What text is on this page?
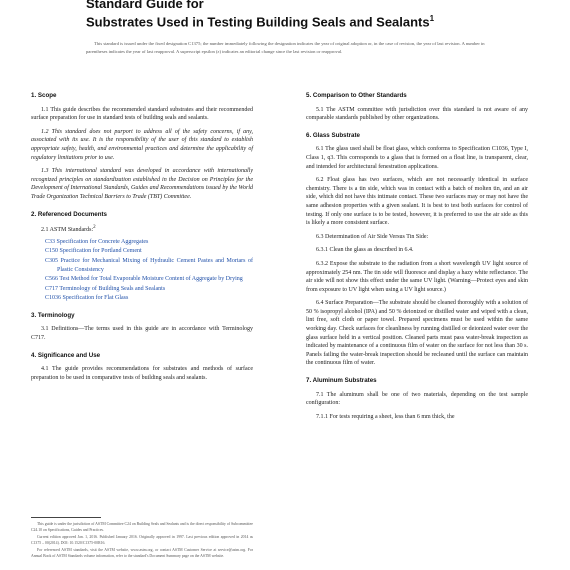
Standard Guide for
Substrates Used in Testing Building Seals and Sealants$^1$
This standard is issued under the fixed designation C1375; the number immediately following the designation indicates the year of original adoption or, in the case of revision, the year of last revision. A number in parentheses indicates the year of last reapproval. A superscript epsilon (ε) indicates an editorial change since the last revision or reapproval.
1. Scope

1.1 This guide describes the recommended standard substrates and their recommended surface preparation for use in standard tests of building seals and sealants.

1.2 This standard does not purport to address all of the safety concerns, if any, associated with its use. It is the responsibility of the user of this standard to establish appropriate safety, health, and environmental practices and determine the applicability of regulatory limitations prior to use.

1.3 This international standard was developed in accordance with internationally recognized principles on standardization established in the Decision on Principles for the Development of International Standards, Guides and Recommendations issued by the World Trade Organization Technical Barriers to Trade (TBT) Committee.

2. Referenced Documents
2.1 ASTM Standards:$^2$
C33 Specification for Concrete Aggregates
C150 Specification for Portland Cement
C305 Practice for Mechanical Mixing of Hydraulic Cement Pastes and Mortars of Plastic Consistency
C566 Test Method for Total Evaporable Moisture Content of Aggregate by Drying
C717 Terminology of Building Seals and Sealants
C1036 Specification for Flat Glass
3. Terminology

3.1 Definitions—The terms used in this guide are in accordance with Terminology C717.

4. Significance and Use

4.1 The guide provides recommendations for substrates and methods of surface preparation to be used in comparative tests of building seals and sealants.

This guide is under the jurisdiction of ASTM Committee C24 on Building Seals and Sealants and is the direct responsibility of Subcommittee C24.10 on Specifications, Guides and Practices.

Current edition approved Jan. 1, 2016. Published January 2016. Originally approved in 1997. Last previous edition approved in 2014 as C1375 – 00(2014). DOI: 10.1520/C1375-00R16.

For referenced ASTM standards, visit the ASTM website, www.astm.org, or contact ASTM Customer Service at service@astm.org. For Annual Book of ASTM Standards volume information, refer to the standard's Document Summary page on the ASTM website.

5. Comparison to Other Standards

5.1 The ASTM committee with jurisdiction over this standard is not aware of any comparable standards published by other organizations.

6. Glass Substrate

6.1 The glass used shall be float glass, which conforms to Specification C1036, Type I, Class 1, q3. This corresponds to a glass that is formed on a float line, is transparent, clear, and intended for architectural fenestration applications.

6.2 Float glass has two surfaces, which are not necessarily identical in surface chemistry. There is a tin side, which was in contact with a batch of molten tin, and an air side, which did not have this intimate contact. These two surfaces may or may not have the same adhesion properties with a given sealant. It is best to test both surfaces for control of testing. If only one surface is to be tested, however, it is preferred to use the air side as this is likely a more consistent surface.

6.3 Determination of Air Side Versus Tin Side:

6.3.1 Clean the glass as described in 6.4.

6.3.2 Expose the substrate to the radiation from a short wavelength UV light source of approximately 254 nm. The tin side will fluoresce and display a hazy white reflectance. The air side will not show this effect under the same UV light. (Warning—Protect eyes and skin from exposure to UV light when using a UV light source.)

6.4 Surface Preparation—The substrate should be cleaned thoroughly with a solution of 50 % isopropyl alcohol (IPA) and 50 % deionized or distilled water and wiped with a clean, lint free, soft cloth or paper towel. Prepared specimens must be used within the same working day. Check surfaces for cleanliness by running distilled or deionized water over the glass surface held in a vertical position. Cleaned parts must pass water-break inspection as indicated by maintenance of a continuous film of water on the surface for not less than 30 s. Panels failing the water-break inspection should be recleaned until the surface can maintain the continuous film of water.

7. Aluminum Substrates

7.1 The aluminum shall be one of two materials, depending on the test sample configuration:

7.1.1 For tests requiring a sheet, less than 6 mm thick, the
